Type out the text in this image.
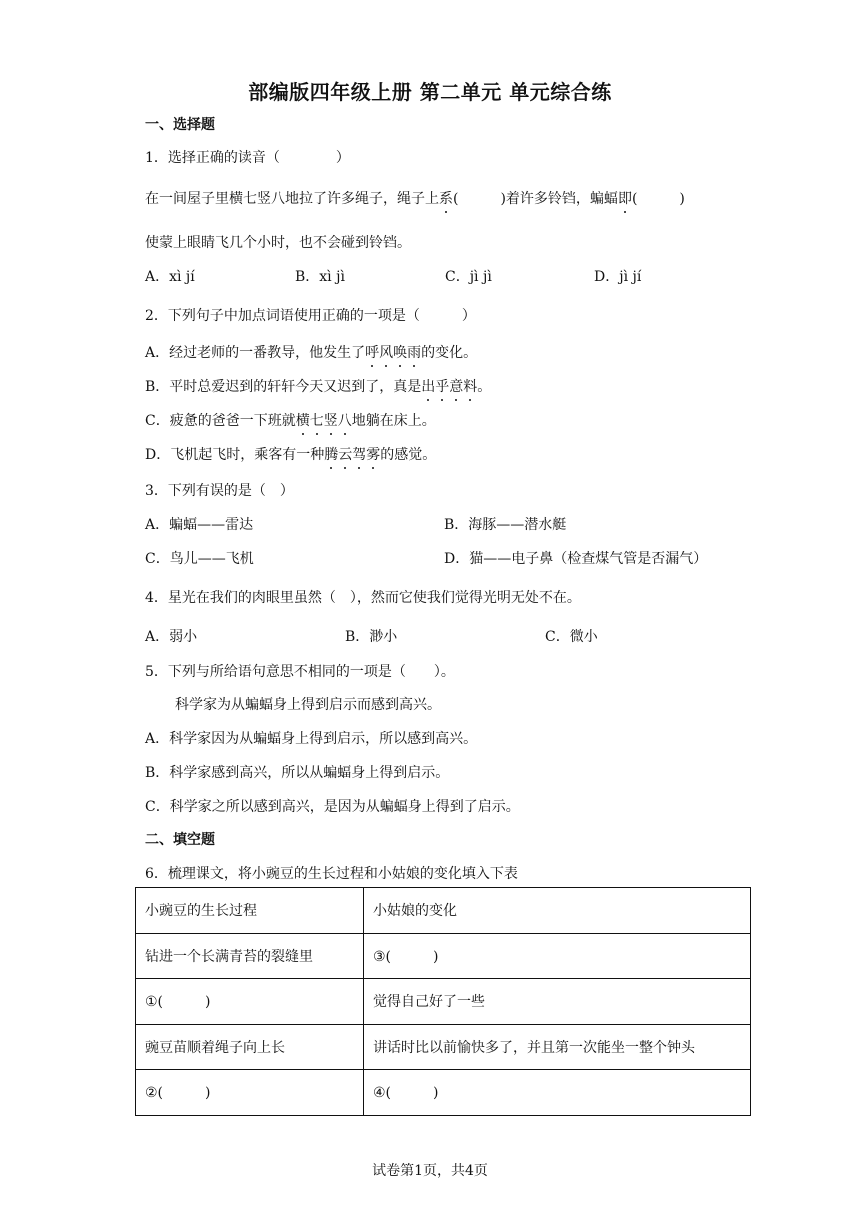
部编版四年级上册 第二单元 单元综合练
一、选择题
1．选择正确的读音（　　　　）
在一间屋子里横七竖八地拉了许多绳子，绳子上系(　　　)着许多铃铛，蝙蝠即(　　　)
使蒙上眼睛飞几个小时，也不会碰到铃铛。
A．xì jí	B．xì jì	C．jì jì	D．jì jí
2．下列句子中加点词语使用正确的一项是（　　　）
A．经过老师的一番教导，他发生了呼风唤雨的变化。
B．平时总爱迟到的轩轩今天又迟到了，真是出乎意料。
C．疲惫的爸爸一下班就横七竖八地躺在床上。
D．飞机起飞时，乘客有一种腾云驾雾的感觉。
3．下列有误的是（　）
A．蝙蝠——雷达	B．海豚——潜水艇
C．鸟儿——飞机	D．猫——电子鼻（检查煤气管是否漏气）
4．星光在我们的肉眼里虽然（　），然而它使我们觉得光明无处不在。
A．弱小	B．渺小	C．微小
5．下列与所给语句意思不相同的一项是（　　）。
科学家为从蝙蝠身上得到启示而感到高兴。
A．科学家因为从蝙蝠身上得到启示，所以感到高兴。
B．科学家感到高兴，所以从蝙蝠身上得到启示。
C．科学家之所以感到高兴，是因为从蝙蝠身上得到了启示。
二、填空题
6．梳理课文，将小豌豆的生长过程和小姑娘的变化填入下表
小豌豆的生长过程	小姑娘的变化
钻进一个长满青苔的裂缝里	③(　　　)
①(　　　)	觉得自己好了一些
豌豆苗顺着绳子向上长	讲话时比以前愉快多了，并且第一次能坐一整个钟头
②(　　　)	④(　　　)
试卷第1页，共4页
